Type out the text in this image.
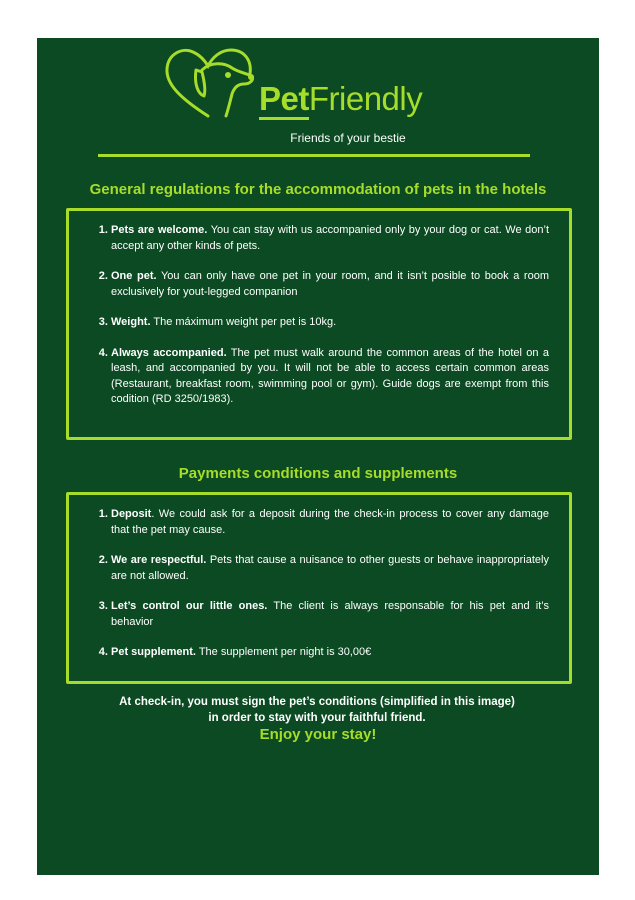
PetFriendly
Friends of your bestie
General regulations for the accommodation of pets in the hotels
1. Pets are welcome. You can stay with us accompanied only by your dog or cat. We don’t accept any other kinds of pets.
2. One pet. You can only have one pet in your room, and it isn’t posible to book a room exclusively for yout-legged companion
3. Weight. The máximum weight per pet is 10kg.
4. Always accompanied. The pet must walk around the common areas of the hotel on a leash, and accompanied by you. It will not be able to access certain common areas (Restaurant, breakfast room, swimming pool or gym). Guide dogs are exempt from this codition (RD 3250/1983).
Payments conditions and supplements
1. Deposit. We could ask for a deposit during the check-in process to cover any damage that the pet may cause.
2. We are respectful. Pets that cause a nuisance to other guests or behave inappropriately are not allowed.
3. Let’s control our little ones. The client is always responsable for his pet and it’s behavior
4. Pet supplement. The supplement per night is 30,00€
At check-in, you must sign the pet’s conditions (simplified in this image) in order to stay with your faithful friend.
Enjoy your stay!
